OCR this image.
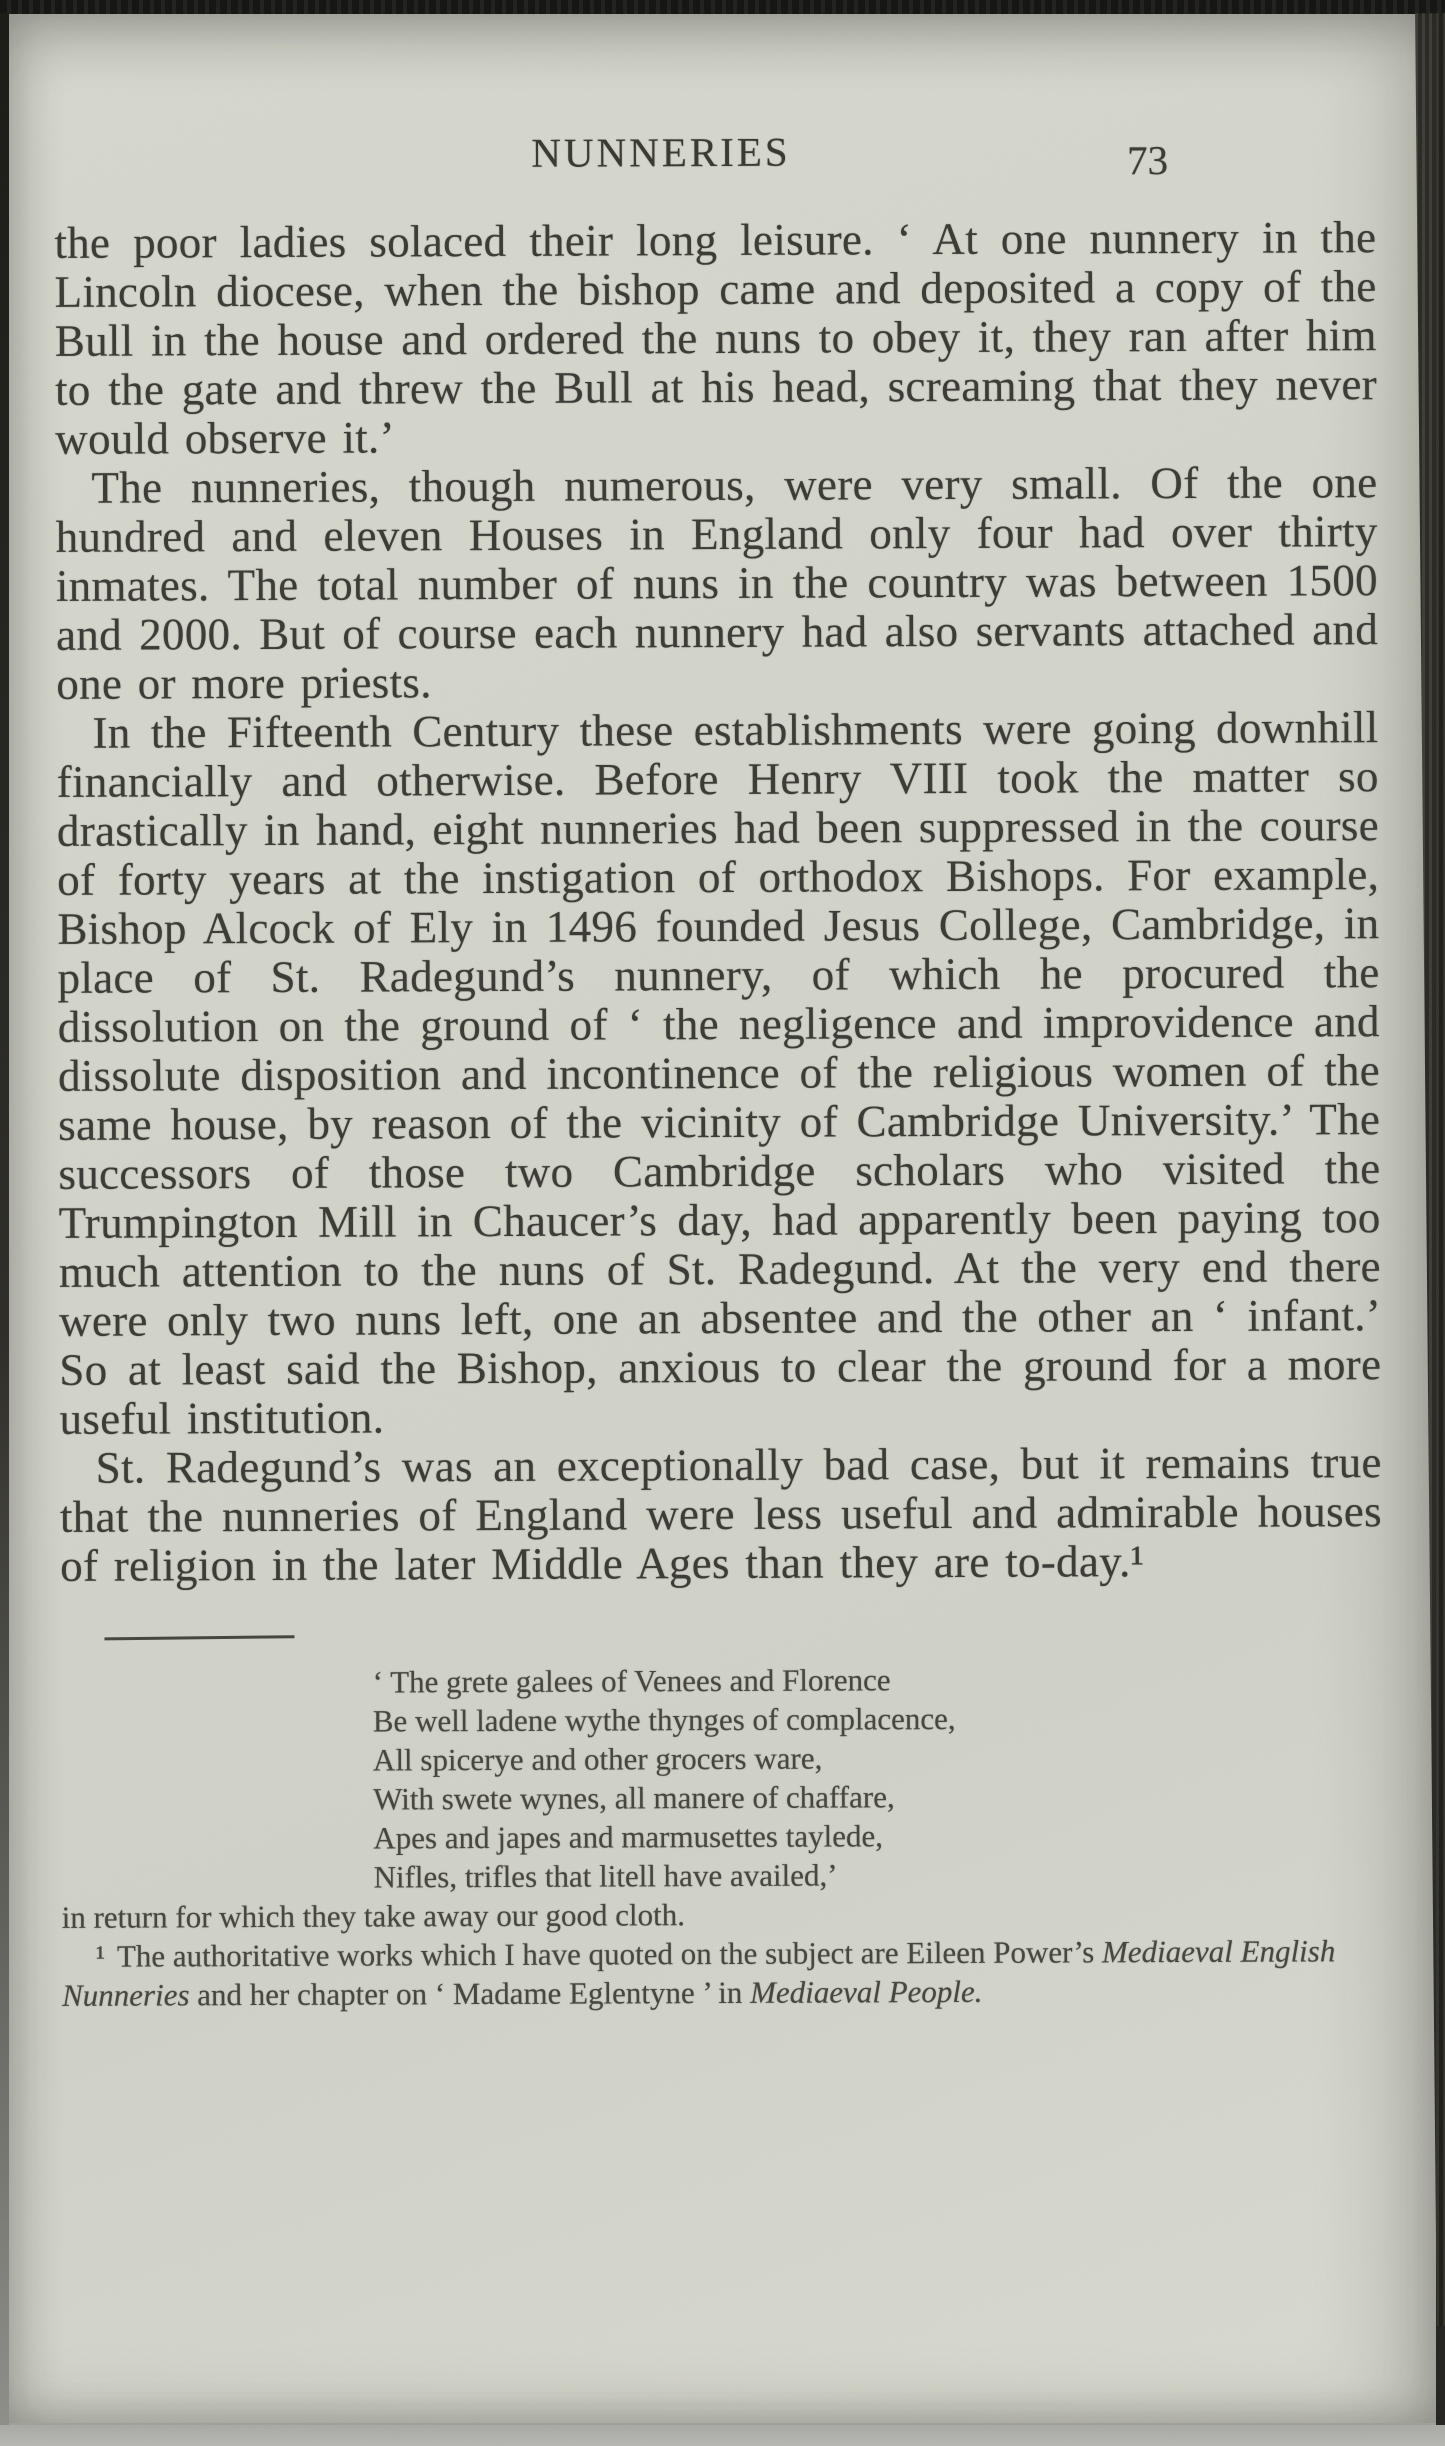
NUNNERIES	73

the poor ladies solaced their long leisure. ‘ At one nunnery in the Lincoln diocese, when the bishop came and deposited a copy of the Bull in the house and ordered the nuns to obey it, they ran after him to the gate and threw the Bull at his head, screaming that they never would observe it.’

The nunneries, though numerous, were very small. Of the one hundred and eleven Houses in England only four had over thirty inmates. The total number of nuns in the country was between 1500 and 2000. But of course each nunnery had also servants attached and one or more priests.

In the Fifteenth Century these establishments were going downhill financially and otherwise. Before Henry VIII took the matter so drastically in hand, eight nunneries had been suppressed in the course of forty years at the instigation of orthodox Bishops. For example, Bishop Alcock of Ely in 1496 founded Jesus College, Cambridge, in place of St. Radegund’s nunnery, of which he procured the dissolution on the ground of ‘ the negligence and improvidence and dissolute disposition and incontinence of the religious women of the same house, by reason of the vicinity of Cambridge University.’ The successors of those two Cambridge scholars who visited the Trumpington Mill in Chaucer’s day, had apparently been paying too much attention to the nuns of St. Radegund. At the very end there were only two nuns left, one an absentee and the other an ‘ infant.’ So at least said the Bishop, anxious to clear the ground for a more useful institution.

St. Radegund’s was an exceptionally bad case, but it remains true that the nunneries of England were less useful and admirable houses of religion in the later Middle Ages than they are to-day.¹

‘ The grete galees of Venees and Florence
Be well ladene wythe thynges of complacence,
All spicerye and other grocers ware,
With swete wynes, all manere of chaffare,
Apes and japes and marmusettes taylede,
Nifles, trifles that litell have availed,’

in return for which they take away our good cloth.

¹ The authoritative works which I have quoted on the subject are Eileen Power’s Mediaeval English Nunneries and her chapter on ‘ Madame Eglentyne ’ in Mediaeval People.
